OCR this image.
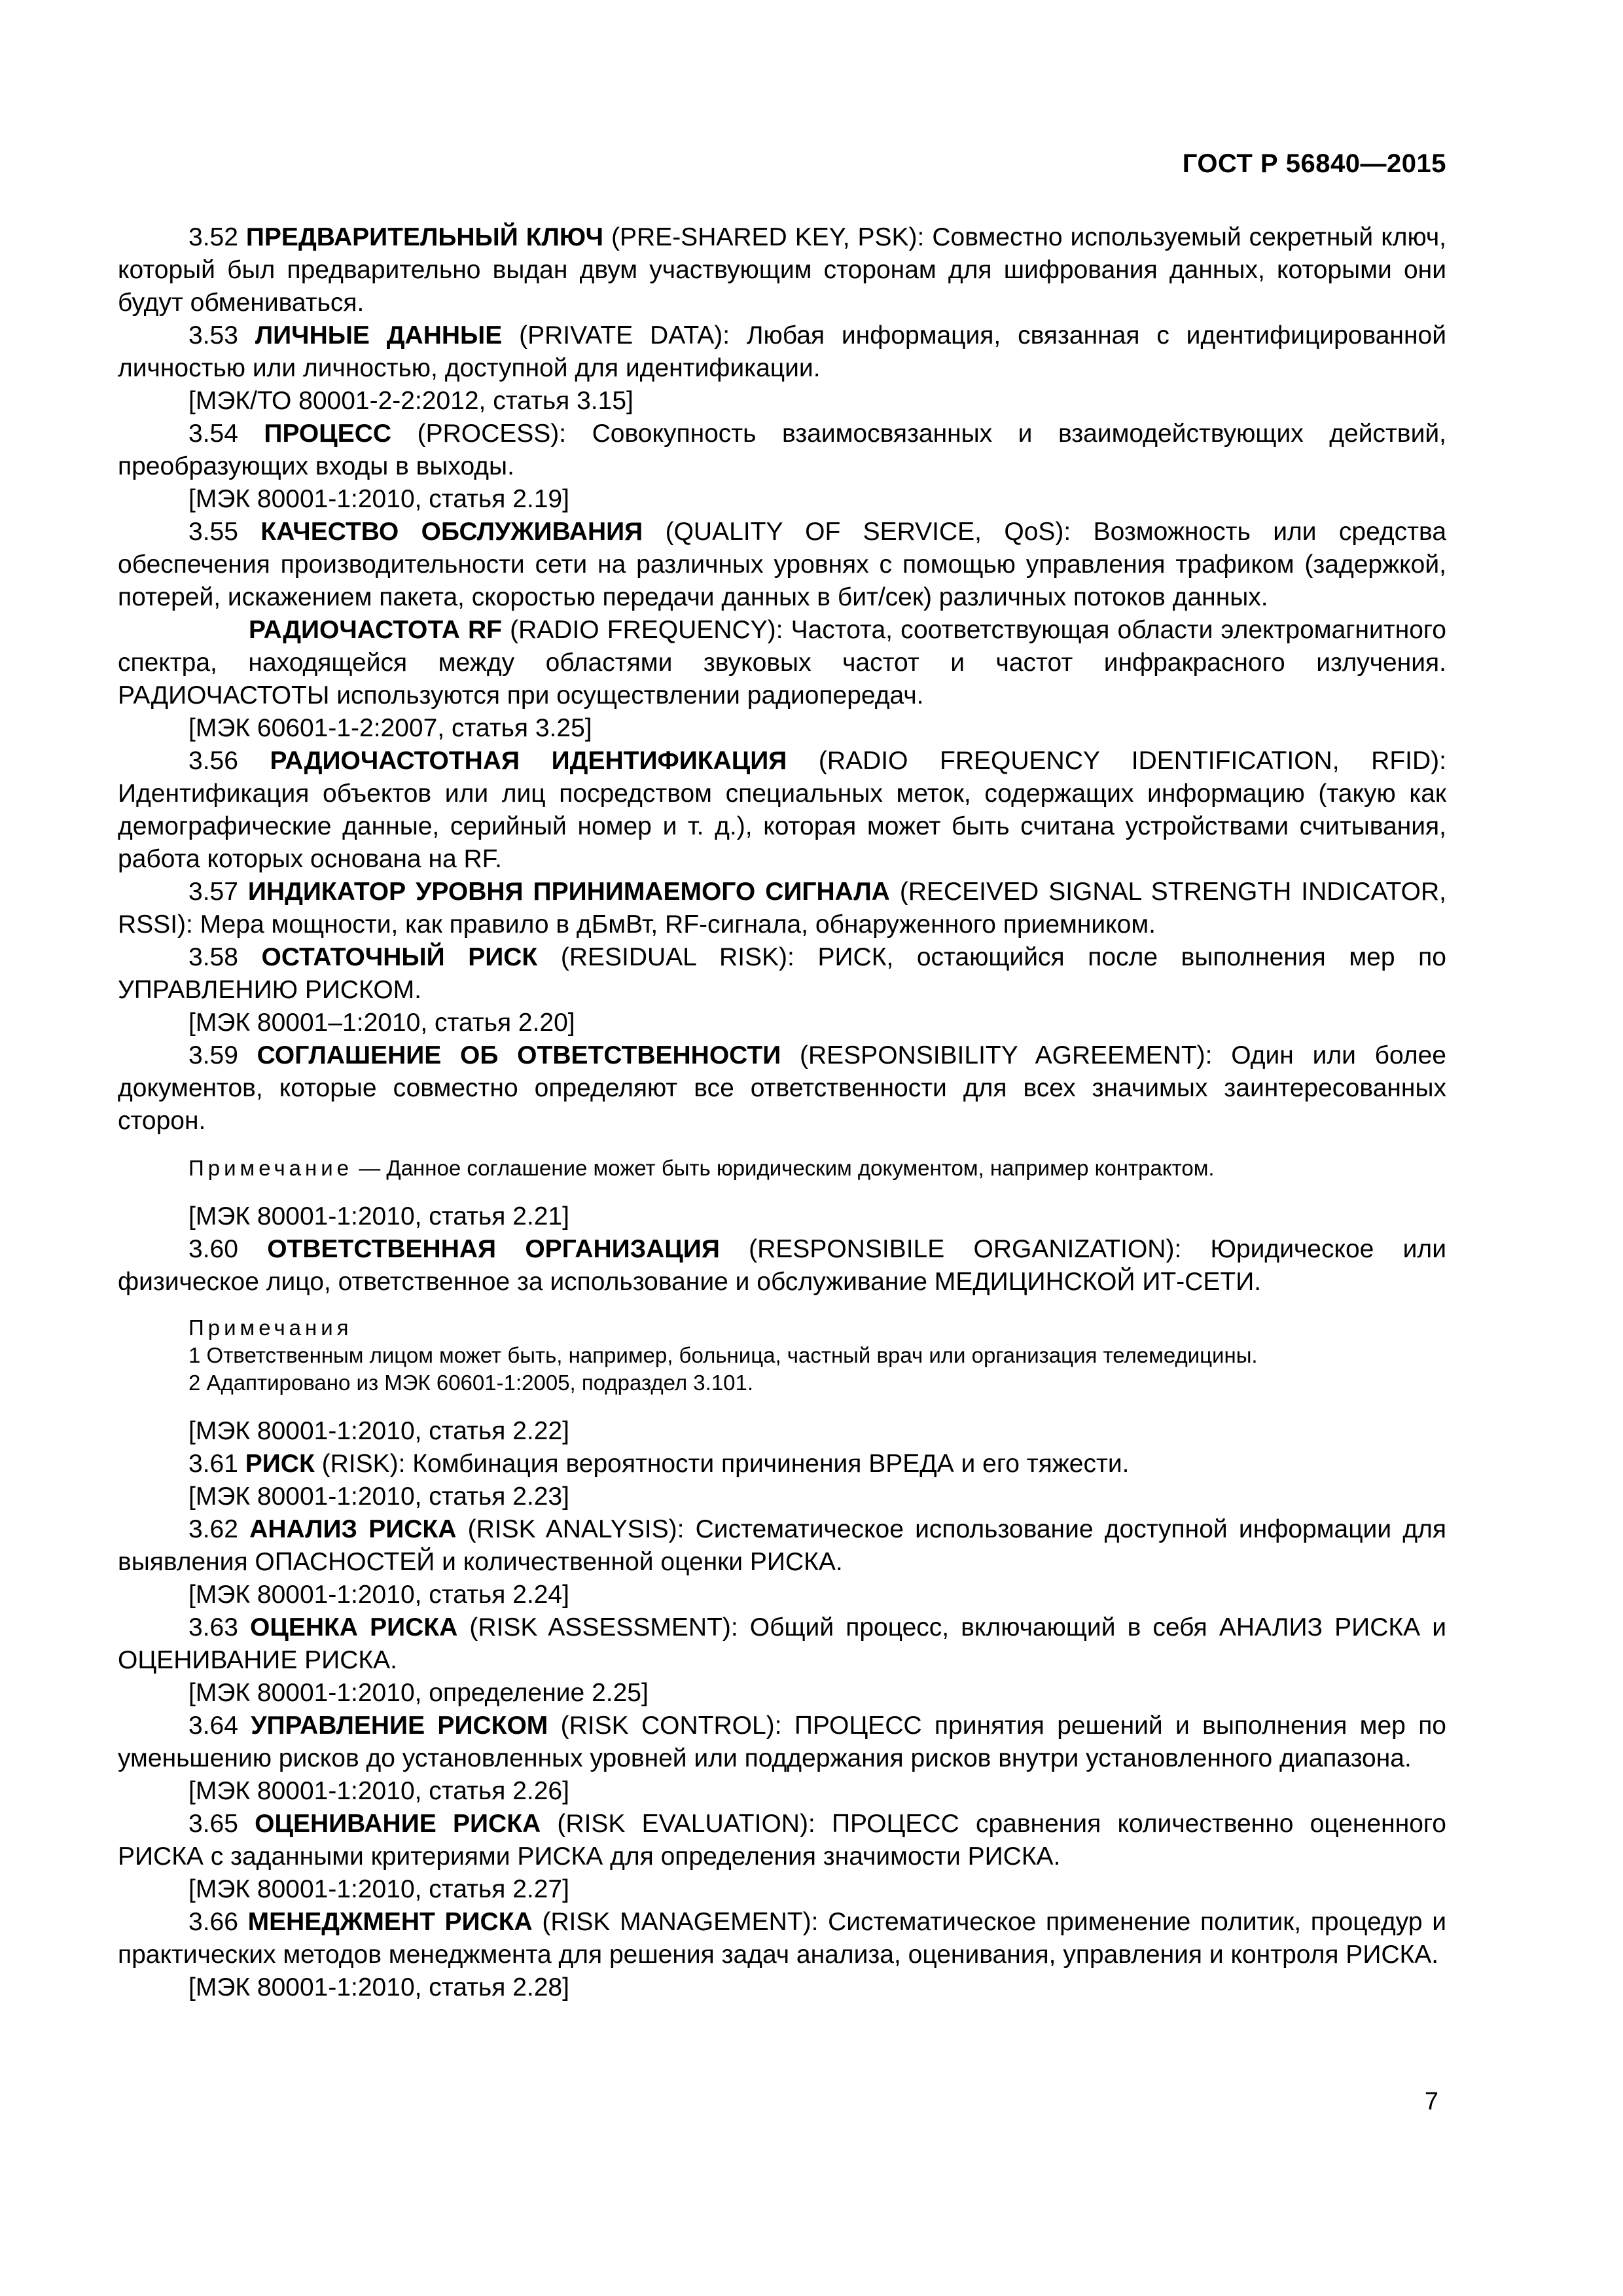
ГОСТ Р 56840—2015

3.52 ПРЕДВАРИТЕЛЬНЫЙ КЛЮЧ (PRE-SHARED KEY, PSK): Совместно используемый секретный ключ, который был предварительно выдан двум участвующим сторонам для шифрования данных, которыми они будут обмениваться.

3.53 ЛИЧНЫЕ ДАННЫЕ (PRIVATE DATA): Любая информация, связанная с идентифицированной личностью или личностью, доступной для идентификации.

[МЭК/ТО 80001-2-2:2012, статья 3.15]

3.54 ПРОЦЕСС (PROCESS): Совокупность взаимосвязанных и взаимодействующих действий, преобразующих входы в выходы.

[МЭК 80001-1:2010, статья 2.19]

3.55 КАЧЕСТВО ОБСЛУЖИВАНИЯ (QUALITY OF SERVICE, QoS): Возможность или средства обеспечения производительности сети на различных уровнях с помощью управления трафиком (задержкой, потерей, искажением пакета, скоростью передачи данных в бит/сек) различных потоков данных.

РАДИОЧАСТОТА RF (RADIO FREQUENCY): Частота, соответствующая области электромагнитного спектра, находящейся между областями звуковых частот и частот инфракрасного излучения. РАДИОЧАСТОТЫ используются при осуществлении радиопередач.

[МЭК 60601-1-2:2007, статья 3.25]

3.56 РАДИОЧАСТОТНАЯ ИДЕНТИФИКАЦИЯ (RADIO FREQUENCY IDENTIFICATION, RFID): Идентификация объектов или лиц посредством специальных меток, содержащих информацию (такую как демографические данные, серийный номер и т. д.), которая может быть считана устройствами считывания, работа которых основана на RF.

3.57 ИНДИКАТОР УРОВНЯ ПРИНИМАЕМОГО СИГНАЛА (RECEIVED SIGNAL STRENGTH INDICATOR, RSSI): Мера мощности, как правило в дБмВт, RF-сигнала, обнаруженного приемником.

3.58 ОСТАТОЧНЫЙ РИСК (RESIDUAL RISK): РИСК, остающийся после выполнения мер по УПРАВЛЕНИЮ РИСКОМ.

[МЭК 80001–1:2010, статья 2.20]

3.59 СОГЛАШЕНИЕ ОБ ОТВЕТСТВЕННОСТИ (RESPONSIBILITY AGREEMENT): Один или более документов, которые совместно определяют все ответственности для всех значимых заинтересованных сторон.

Примечание — Данное соглашение может быть юридическим документом, например контрактом.

[МЭК 80001-1:2010, статья 2.21]

3.60 ОТВЕТСТВЕННАЯ ОРГАНИЗАЦИЯ (RESPONSIBILE ORGANIZATION): Юридическое или физическое лицо, ответственное за использование и обслуживание МЕДИЦИНСКОЙ ИТ-СЕТИ.

Примечания
1 Ответственным лицом может быть, например, больница, частный врач или организация телемедицины.
2 Адаптировано из МЭК 60601-1:2005, подраздел 3.101.

[МЭК 80001-1:2010, статья 2.22]

3.61 РИСК (RISK): Комбинация вероятности причинения ВРЕДА и его тяжести.

[МЭК 80001-1:2010, статья 2.23]

3.62 АНАЛИЗ РИСКА (RISK ANALYSIS): Систематическое использование доступной информации для выявления ОПАСНОСТЕЙ и количественной оценки РИСКА.

[МЭК 80001-1:2010, статья 2.24]

3.63 ОЦЕНКА РИСКА (RISK ASSESSMENT): Общий процесс, включающий в себя АНАЛИЗ РИСКА и ОЦЕНИВАНИЕ РИСКА.

[МЭК 80001-1:2010, определение 2.25]

3.64 УПРАВЛЕНИЕ РИСКОМ (RISK CONTROL): ПРОЦЕСС принятия решений и выполнения мер по уменьшению рисков до установленных уровней или поддержания рисков внутри установленного диапазона.

[МЭК 80001-1:2010, статья 2.26]

3.65 ОЦЕНИВАНИЕ РИСКА (RISK EVALUATION): ПРОЦЕСС сравнения количественно оцененного РИСКА с заданными критериями РИСКА для определения значимости РИСКА.

[МЭК 80001-1:2010, статья 2.27]

3.66 МЕНЕДЖМЕНТ РИСКА (RISK MANAGEMENT): Систематическое применение политик, процедур и практических методов менеджмента для решения задач анализа, оценивания, управления и контроля РИСКА.

[МЭК 80001-1:2010, статья 2.28]

7
